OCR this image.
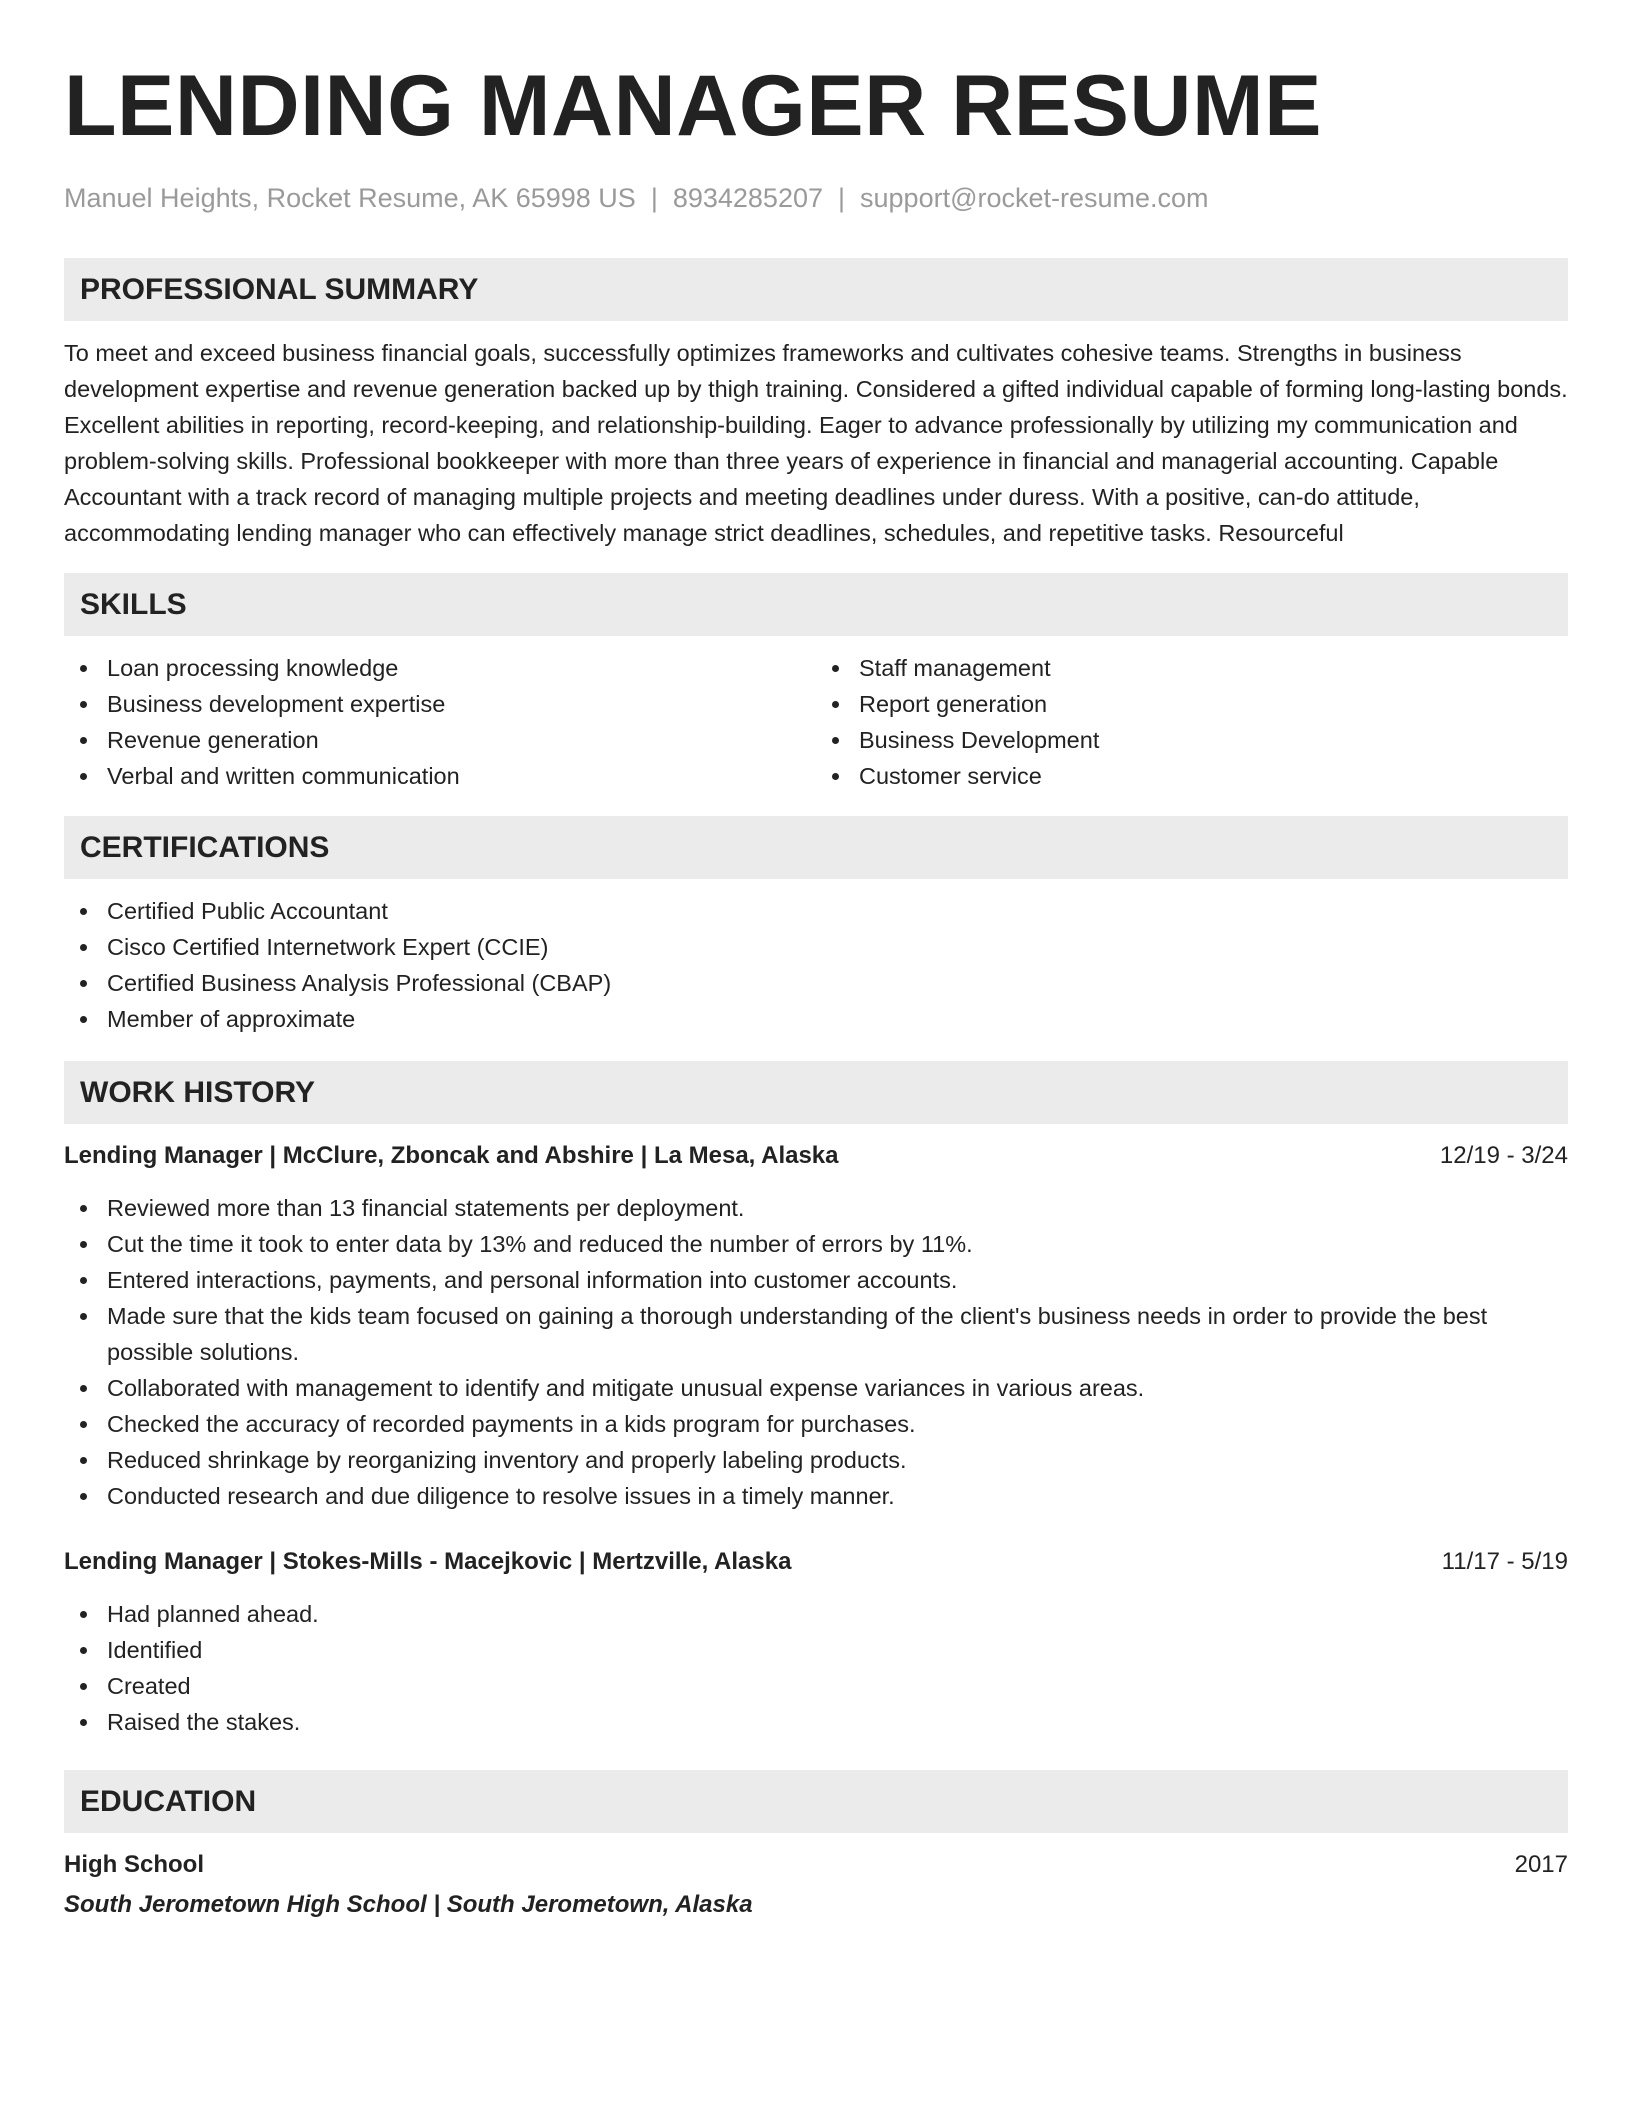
LENDING MANAGER RESUME
Manuel Heights, Rocket Resume, AK 65998 US | 8934285207 | support@rocket-resume.com
PROFESSIONAL SUMMARY

To meet and exceed business financial goals, successfully optimizes frameworks and cultivates cohesive teams. Strengths in business development expertise and revenue generation backed up by thigh training. Considered a gifted individual capable of forming long-lasting bonds. Excellent abilities in reporting, record-keeping, and relationship-building. Eager to advance professionally by utilizing my communication and problem-solving skills. Professional bookkeeper with more than three years of experience in financial and managerial accounting. Capable Accountant with a track record of managing multiple projects and meeting deadlines under duress. With a positive, can-do attitude, accommodating lending manager who can effectively manage strict deadlines, schedules, and repetitive tasks. Resourceful

SKILLS
Loan processing knowledge
Business development expertise
Revenue generation
Verbal and written communication
Staff management
Report generation
Business Development
Customer service
CERTIFICATIONS
Certified Public Accountant
Cisco Certified Internetwork Expert (CCIE)
Certified Business Analysis Professional (CBAP)
Member of approximate
WORK HISTORY
Lending Manager | McClure, Zboncak and Abshire | La Mesa, Alaska	12/19 - 3/24
Reviewed more than 13 financial statements per deployment.
Cut the time it took to enter data by 13% and reduced the number of errors by 11%.
Entered interactions, payments, and personal information into customer accounts.
Made sure that the kids team focused on gaining a thorough understanding of the client's business needs in order to provide the best possible solutions.
Collaborated with management to identify and mitigate unusual expense variances in various areas.
Checked the accuracy of recorded payments in a kids program for purchases.
Reduced shrinkage by reorganizing inventory and properly labeling products.
Conducted research and due diligence to resolve issues in a timely manner.
Lending Manager | Stokes-Mills - Macejkovic | Mertzville, Alaska	11/17 - 5/19
Had planned ahead.
Identified
Created
Raised the stakes.
EDUCATION
High School	2017
South Jerometown High School | South Jerometown, Alaska
